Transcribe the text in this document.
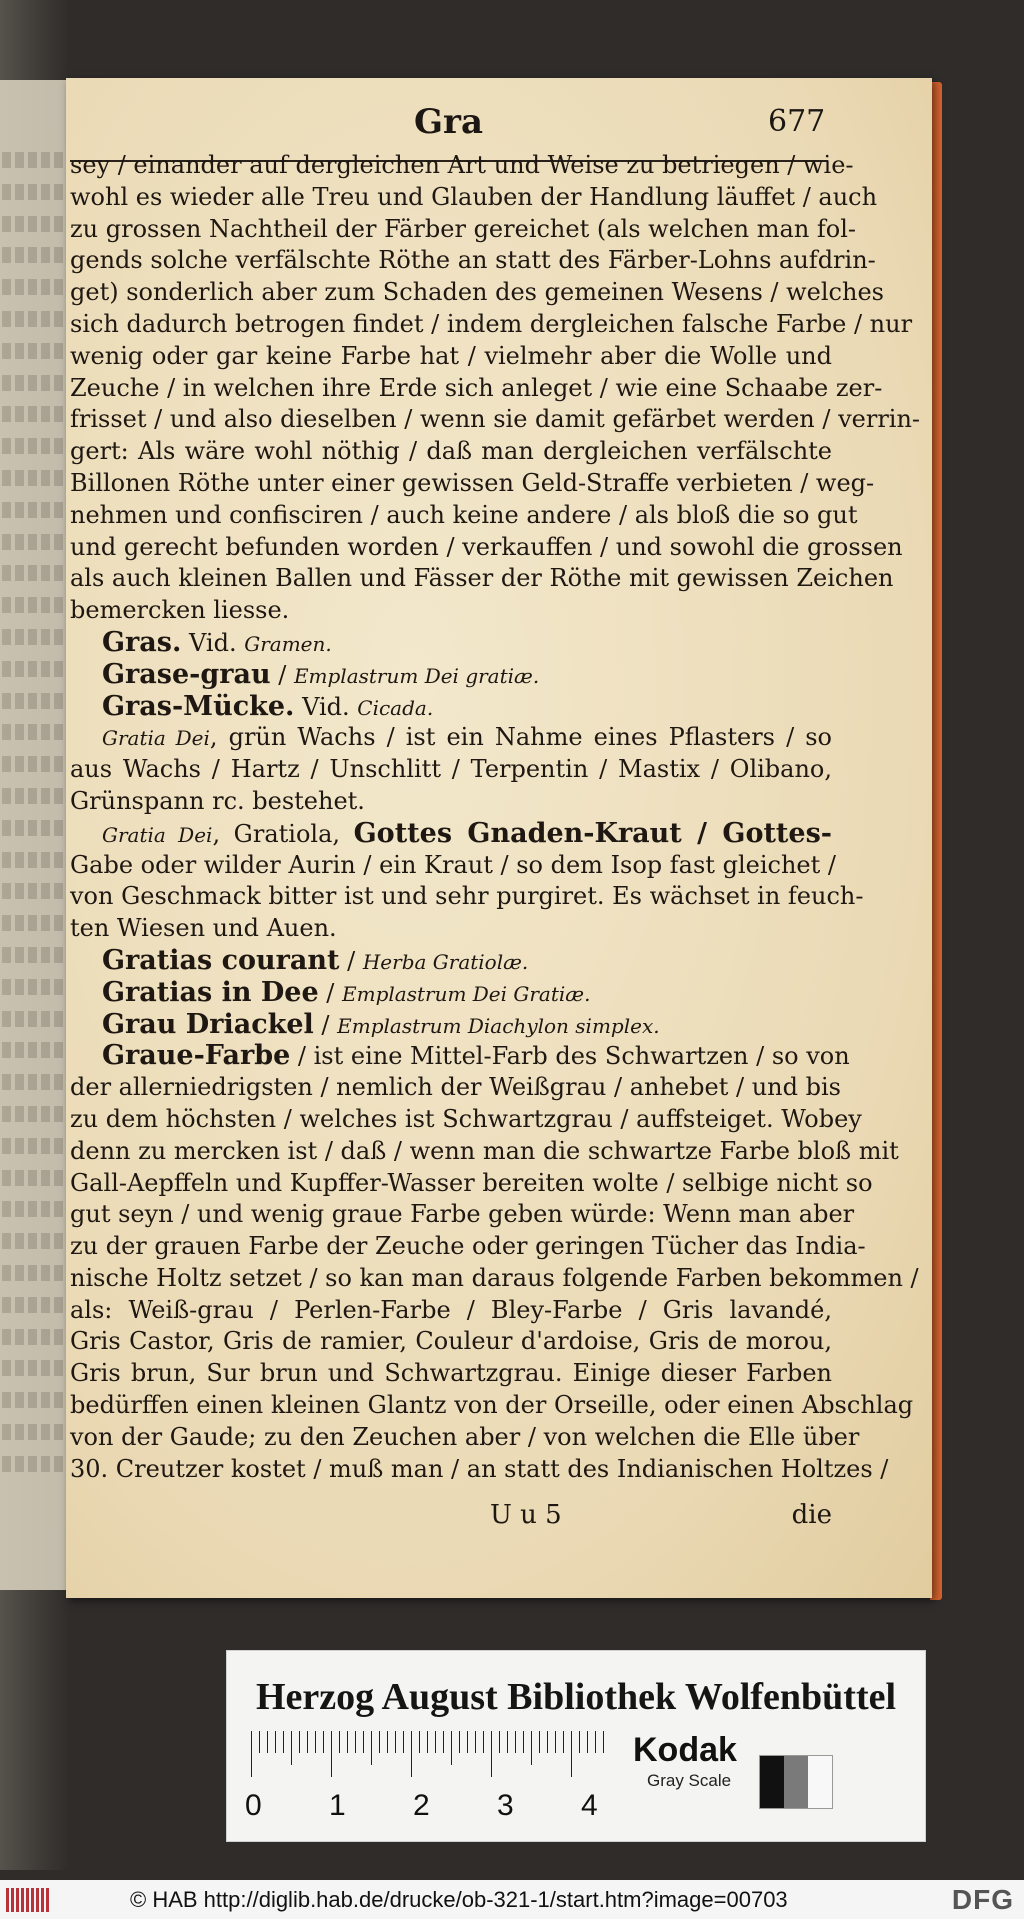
Gra	677
sey / einander auf dergleichen Art und Weise zu betriegen / wie-
wohl es wieder alle Treu und Glauben der Handlung läuffet / auch
zu grossen Nachtheil der Färber gereichet (als welchen man fol-
gends solche verfälschte Röthe an statt des Färber-Lohns aufdrin-
get) sonderlich aber zum Schaden des gemeinen Wesens / welches
sich dadurch betrogen findet / indem dergleichen falsche Farbe / nur
wenig oder gar keine Farbe hat / vielmehr aber die Wolle und
Zeuche / in welchen ihre Erde sich anleget / wie eine Schaabe zer-
frisset / und also dieselben / wenn sie damit gefärbet werden / verrin-
gert: Als wäre wohl nöthig / daß man dergleichen verfälschte
Billonen Röthe unter einer gewissen Geld-Straffe verbieten / weg-
nehmen und confisciren / auch keine andere / als bloß die so gut
und gerecht befunden worden / verkauffen / und sowohl die grossen
als auch kleinen Ballen und Fässer der Röthe mit gewissen Zeichen
bemercken liesse.
Gras. Vid. Gramen.
Grase-grau / Emplastrum Dei gratiæ.
Gras-Mücke. Vid. Cicada.
Gratia Dei, grün Wachs / ist ein Nahme eines Pflasters / so
aus Wachs / Hartz / Unschlitt / Terpentin / Mastix / Olibano,
Grünspann rc. bestehet.
Gratia Dei, Gratiola, Gottes Gnaden-Kraut / Gottes-
Gabe oder wilder Aurin / ein Kraut / so dem Isop fast gleichet /
von Geschmack bitter ist und sehr purgiret. Es wächset in feuch-
ten Wiesen und Auen.
Gratias courant / Herba Gratiolæ.
Gratias in Dee / Emplastrum Dei Gratiæ.
Grau Driackel / Emplastrum Diachylon simplex.
Graue-Farbe / ist eine Mittel-Farb des Schwartzen / so von
der allerniedrigsten / nemlich der Weißgrau / anhebet / und bis
zu dem höchsten / welches ist Schwartzgrau / auffsteiget. Wobey
denn zu mercken ist / daß / wenn man die schwartze Farbe bloß mit
Gall-Aepffeln und Kupffer-Wasser bereiten wolte / selbige nicht so
gut seyn / und wenig graue Farbe geben würde: Wenn man aber
zu der grauen Farbe der Zeuche oder geringen Tücher das India-
nische Holtz setzet / so kan man daraus folgende Farben bekommen /
als: Weiß-grau / Perlen-Farbe / Bley-Farbe / Gris lavandé,
Gris Castor, Gris de ramier, Couleur d'ardoise, Gris de morou,
Gris brun, Sur brun und Schwartzgrau. Einige dieser Farben
bedürffen einen kleinen Glantz von der Orseille, oder einen Abschlag
von der Gaude; zu den Zeuchen aber / von welchen die Elle über
30. Creutzer kostet / muß man / an statt des Indianischen Holtzes /
U u 5	die
Herzog August Bibliothek Wolfenbüttel
0 1 2 3 4
Kodak
Gray Scale
© HAB http://diglib.hab.de/drucke/ob-321-1/start.htm?image=00703	DFG
